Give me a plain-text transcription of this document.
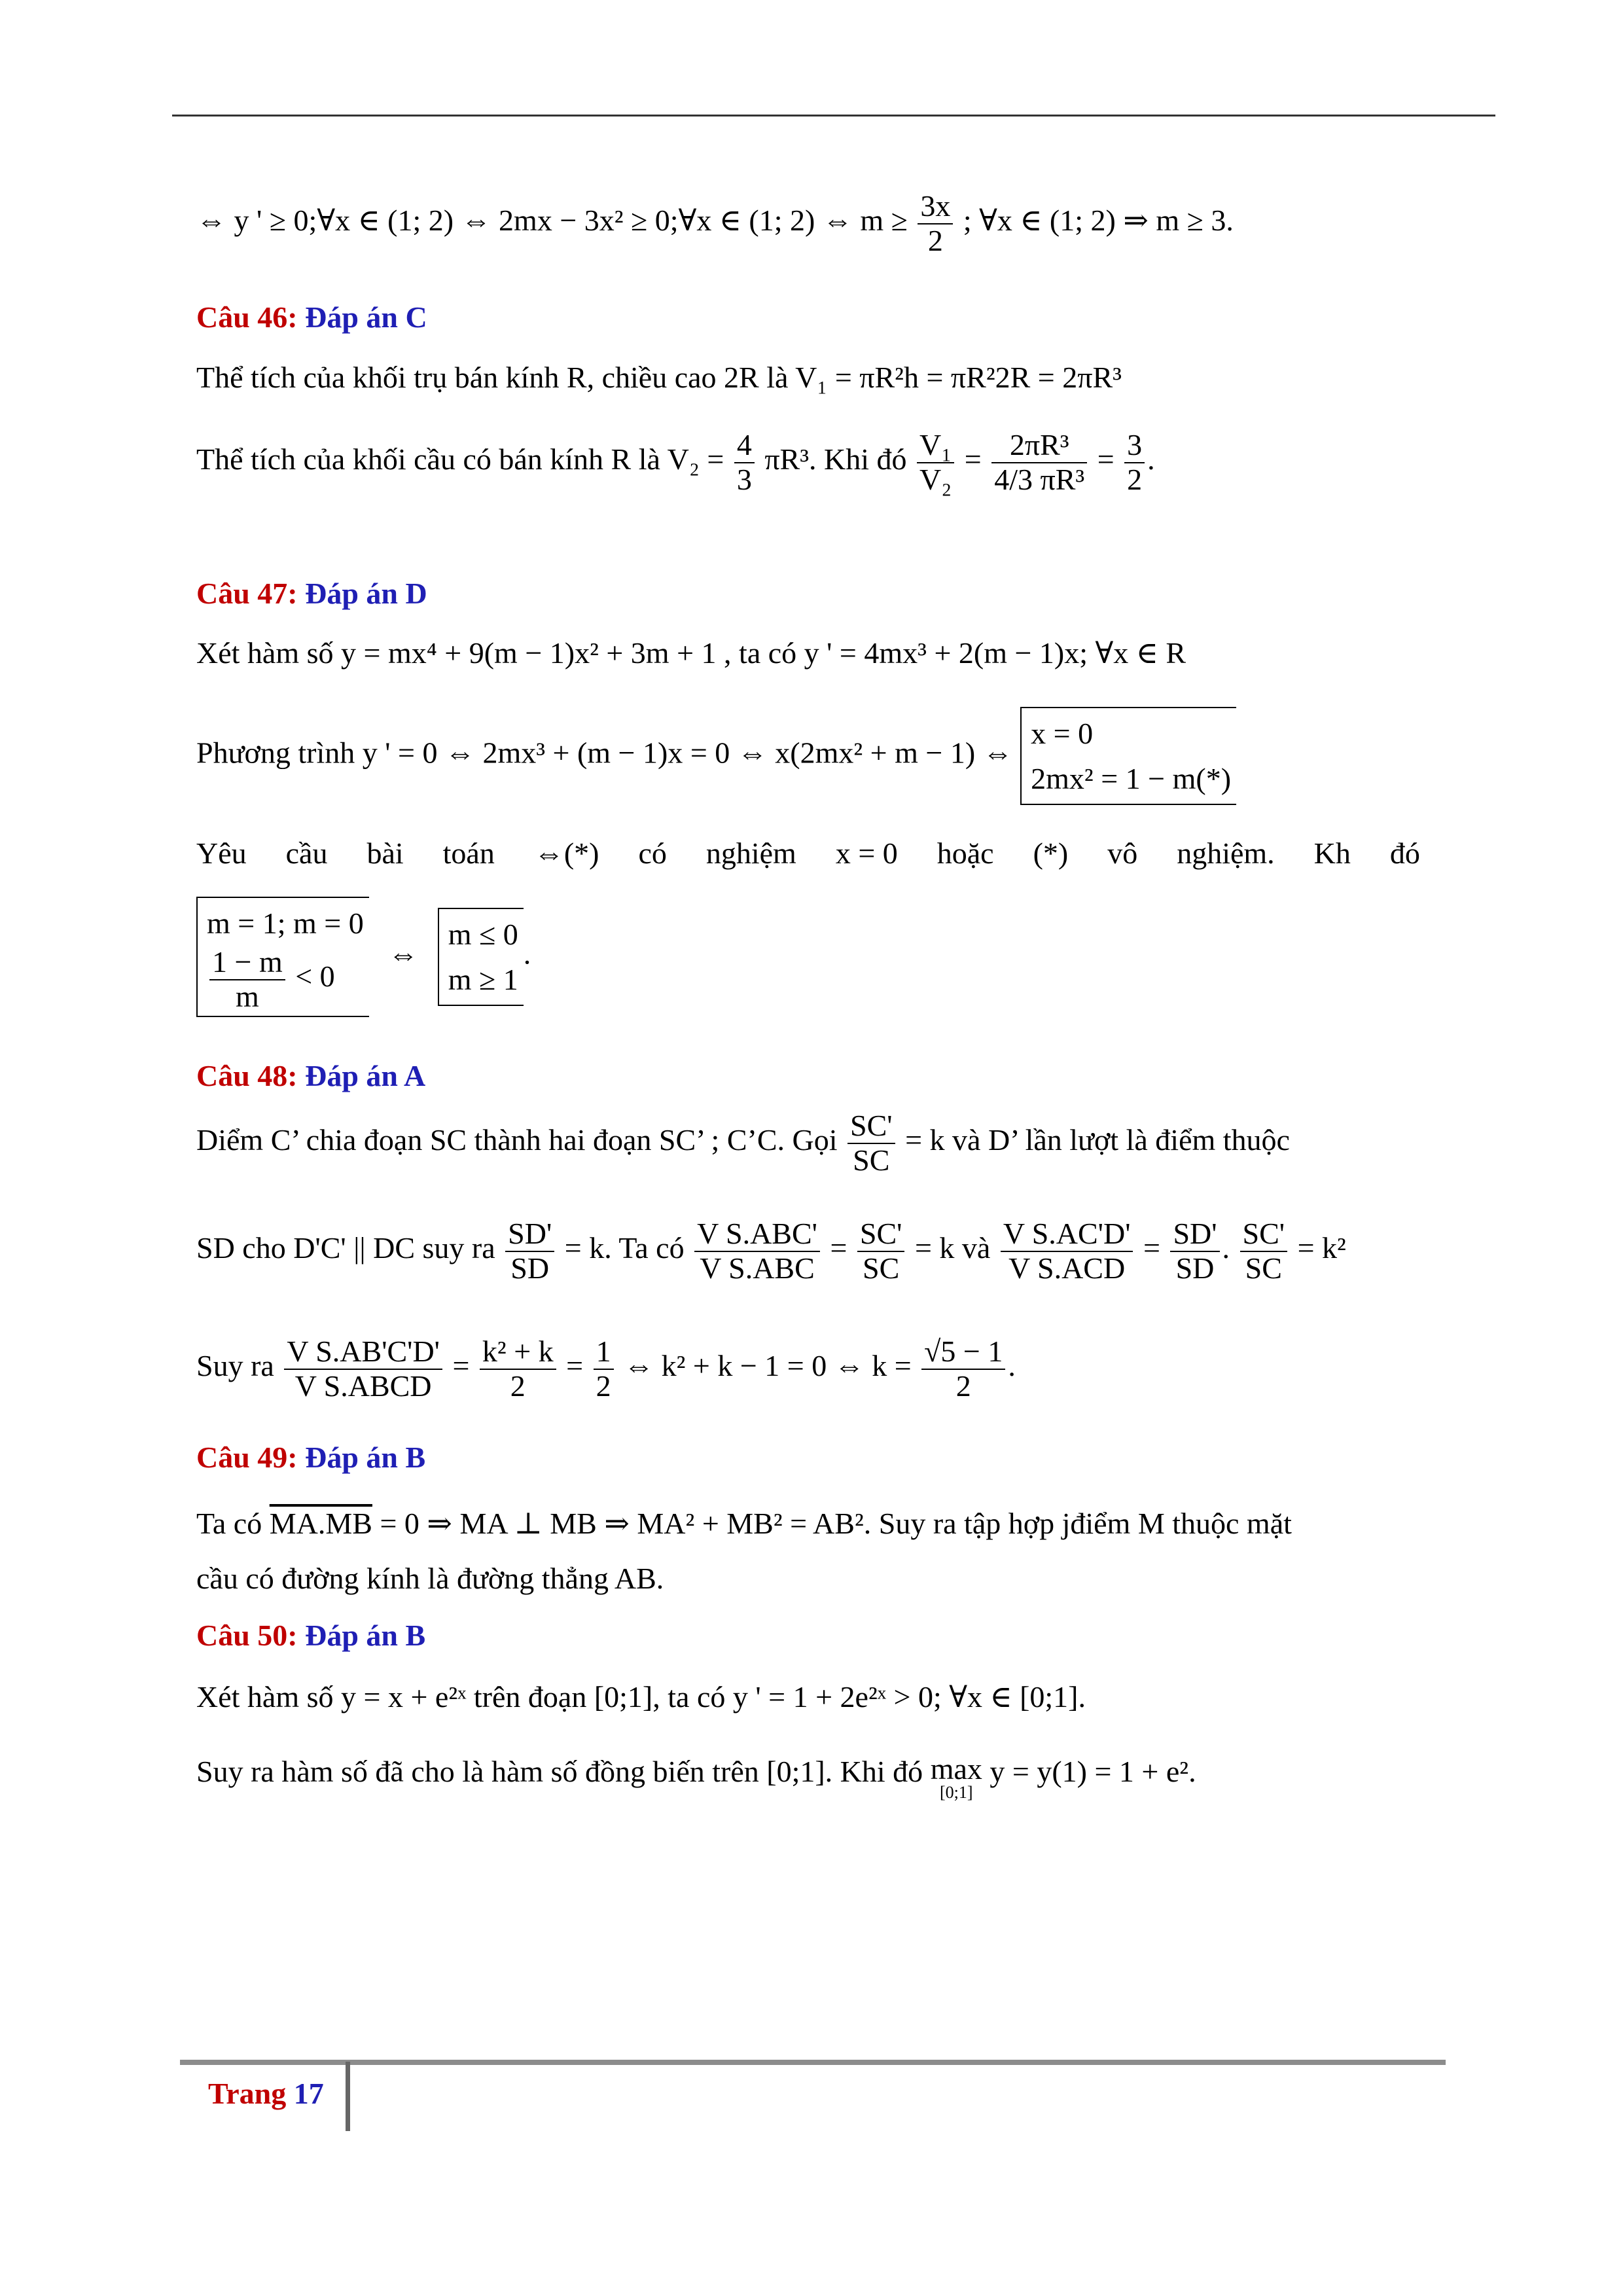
⇔ y ' ≥ 0;∀x ∈ (1; 2) ⇔ 2mx − 3x² ≥ 0;∀x ∈ (1; 2) ⇔ $m \ge \frac{3x}{2}$ ; ∀x ∈ (1; 2) ⇒ m ≥ 3.
Câu 46: Đáp án C
Thể tích của khối trụ bán kính R, chiều cao 2R là V₁ = πR²h = πR²2R = 2πR³
Thể tích của khối cầu có bán kính R là $V_2 = \frac{4}{3} \pi R^3$. Khi đó $\frac{\text{V₁}}{\text{V₂}} = \frac{\text{2πR³}}{\text{4/3 πR³}} = \frac{3}{2}$ .
Câu 47: Đáp án D
Xét hàm số y = mx⁴ + 9(m − 1)x² + 3m + 1 , ta có y ' = 4mx³ + 2(m − 1)x; ∀x ∈ R
Phương trình y ' = 0 ⇔ 2mx³ + (m − 1)x = 0 ⇔ x(2mx² + m − 1) ⇔
x = 0
2mx² = 1 − m(*)
Yêu cầu bài toán ⇔(*) có nghiệm x = 0 hoặc (*) vô nghiệm. Kh đó
m = 1; m = 0
$\frac{1 - m}{m} < 0$
⇔
m ≤ 0
m ≥ 1
.
Câu 48: Đáp án A
Diểm C’ chia đoạn SC thành hai đoạn SC’ ; C’C. Gọi $\frac{SC'}{SC} = k$ và D’ lần lượt là điểm thuộc
SD cho D'C' || DC suy ra $\frac{SD'}{SD} = k$. Ta có $\frac{\text{V S.ABC'}}{\text{V S.ABC}} = \frac{SC'}{SC} = k$ và $\frac{\text{V S.AC'D'}}{\text{V S.ACD}} = \frac{SD'}{SD}$ . $\frac{SC'}{SC} = k^2$
Suy ra $\frac{\text{V S.AB'C'D'}}{\text{V S.ABCD}} = \frac{\text{k² + k}}{2} = \frac{1}{2}$ ⇔ k² + k − 1 = 0 ⇔ $k = \frac{√5 - 1}{2}$ .
Câu 49: Đáp án B
Ta có MA.MB = 0 ⇒ MA ⊥ MB ⇒ MA² + MB² = AB². Suy ra tập hợp jđiểm M thuộc mặt
cầu có đường kính là đường thẳng AB.
Câu 50: Đáp án B
Xét hàm số y = x + e²ˣ trên đoạn [0;1], ta có y ' = 1 + 2e²ˣ > 0; ∀x ∈ [0;1].
Suy ra hàm số đã cho là hàm số đồng biến trên [0;1]. Khi đó max
[0;1]
y = y(1) = 1 + e².
Trang 17
